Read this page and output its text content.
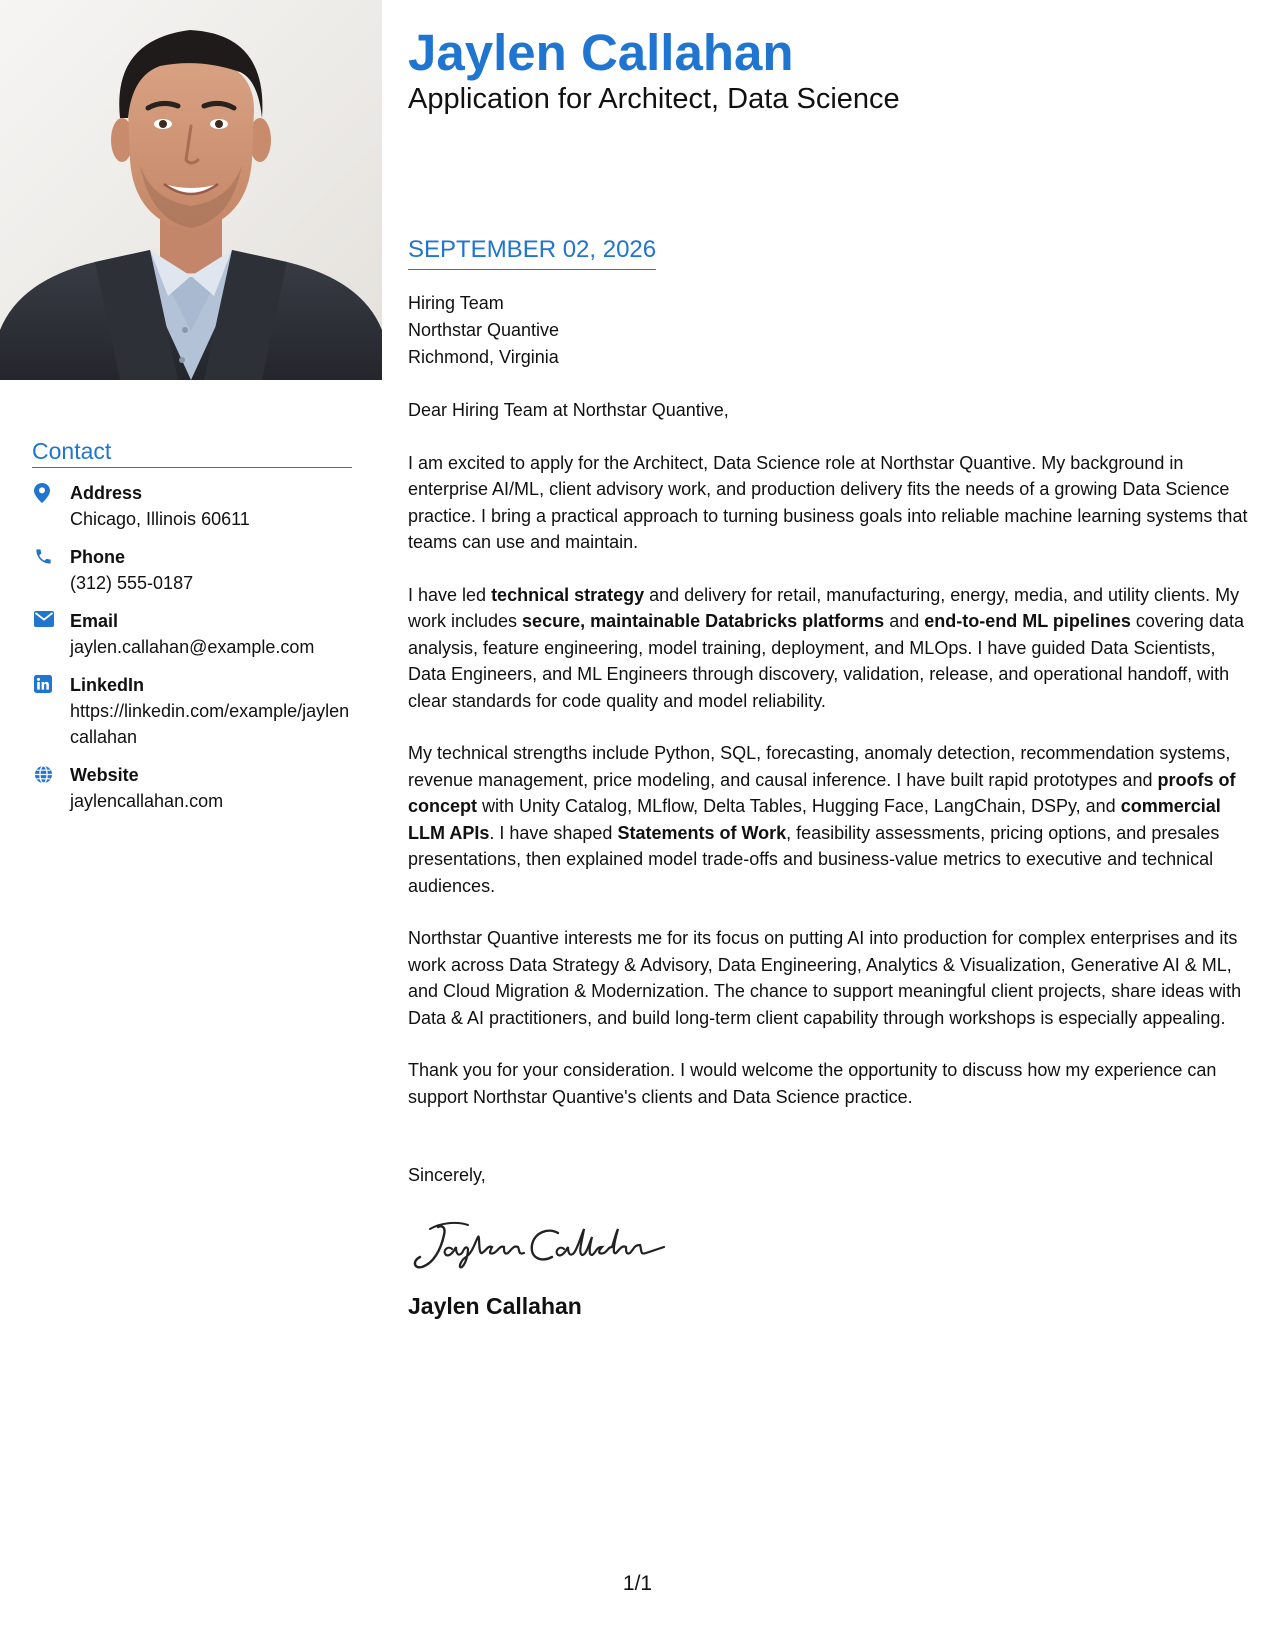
Contact
Address
Chicago, Illinois 60611
Phone
(312) 555-0187
Email
jaylen.callahan@example.com
LinkedIn
https://linkedin.com/example/jaylencallahan
Website
jaylencallahan.com
Jaylen Callahan
Application for Architect, Data Science
SEPTEMBER 02, 2026
Hiring Team
Northstar Quantive
Richmond, Virginia
Dear Hiring Team at Northstar Quantive,
I am excited to apply for the Architect, Data Science role at Northstar Quantive. My background in enterprise AI/ML, client advisory work, and production delivery fits the needs of a growing Data Science practice. I bring a practical approach to turning business goals into reliable machine learning systems that teams can use and maintain.
I have led technical strategy and delivery for retail, manufacturing, energy, media, and utility clients. My work includes secure, maintainable Databricks platforms and end-to-end ML pipelines covering data analysis, feature engineering, model training, deployment, and MLOps. I have guided Data Scientists, Data Engineers, and ML Engineers through discovery, validation, release, and operational handoff, with clear standards for code quality and model reliability.
My technical strengths include Python, SQL, forecasting, anomaly detection, recommendation systems, revenue management, price modeling, and causal inference. I have built rapid prototypes and proofs of concept with Unity Catalog, MLflow, Delta Tables, Hugging Face, LangChain, DSPy, and commercial LLM APIs. I have shaped Statements of Work, feasibility assessments, pricing options, and presales presentations, then explained model trade-offs and business-value metrics to executive and technical audiences.
Northstar Quantive interests me for its focus on putting AI into production for complex enterprises and its work across Data Strategy & Advisory, Data Engineering, Analytics & Visualization, Generative AI & ML, and Cloud Migration & Modernization. The chance to support meaningful client projects, share ideas with Data & AI practitioners, and build long-term client capability through workshops is especially appealing.
Thank you for your consideration. I would welcome the opportunity to discuss how my experience can support Northstar Quantive's clients and Data Science practice.
Sincerely,
Jaylen Callahan
1/1
